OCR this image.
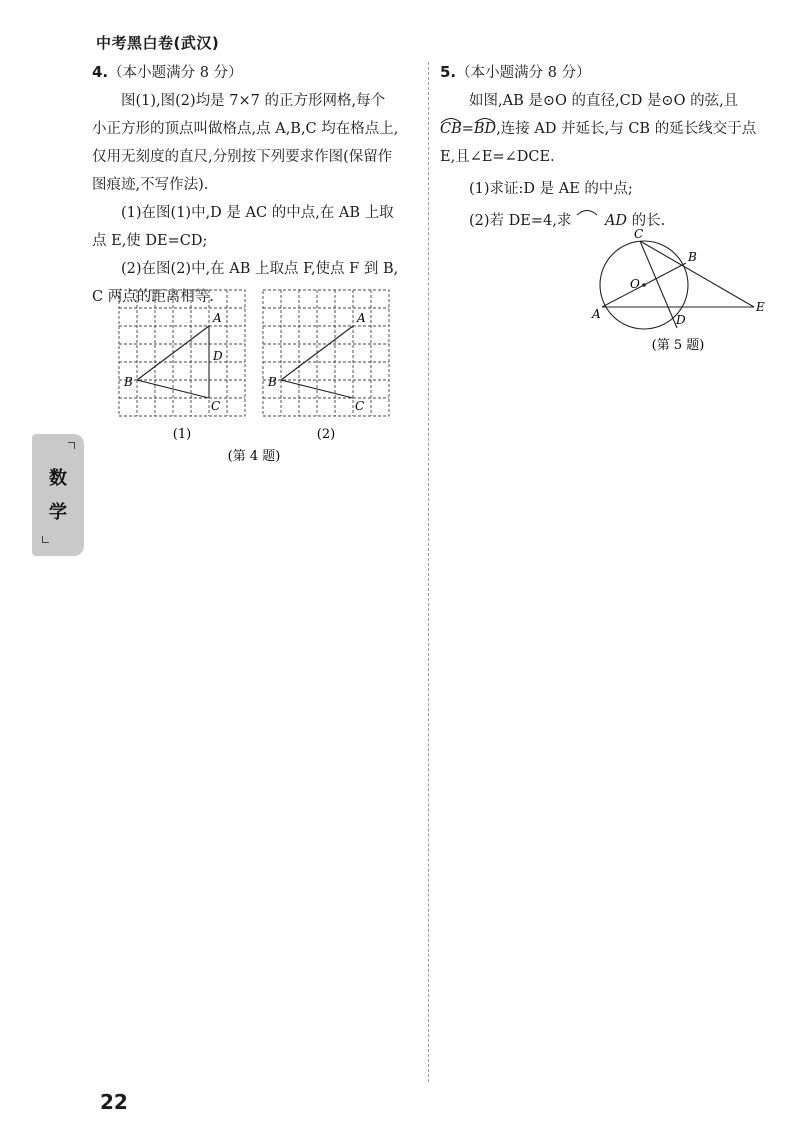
中考黑白卷(武汉)

4.（本小题满分 8 分）

图(1),图(2)均是 7×7 的正方形网格,每个

小正方形的顶点叫做格点,点 A,B,C 均在格点上,

仅用无刻度的直尺,分别按下列要求作图(保留作

图痕迹,不写作法).

(1)在图(1)中,D 是 AC 的中点,在 AB 上取

点 E,使 DE=CD;

(2)在图(2)中,在 AB 上取点 F,使点 F 到 B,

C 两点的距离相等.

A
D
B
C
(1)
A
B
C
(2)
(第 4 题)

5.（本小题满分 8 分）

如图,AB 是⊙O 的直径,CD 是⊙O 的弦,且

CB=
BD,连接 AD 并延长,与 CB 的延长线交于点

E,且∠E=∠DCE.

(1)求证:D 是 AE 的中点;

(2)若 DE=4,求
AD 的长.

C
B
O
A	D
E
(第 5 题)
数
学
22
